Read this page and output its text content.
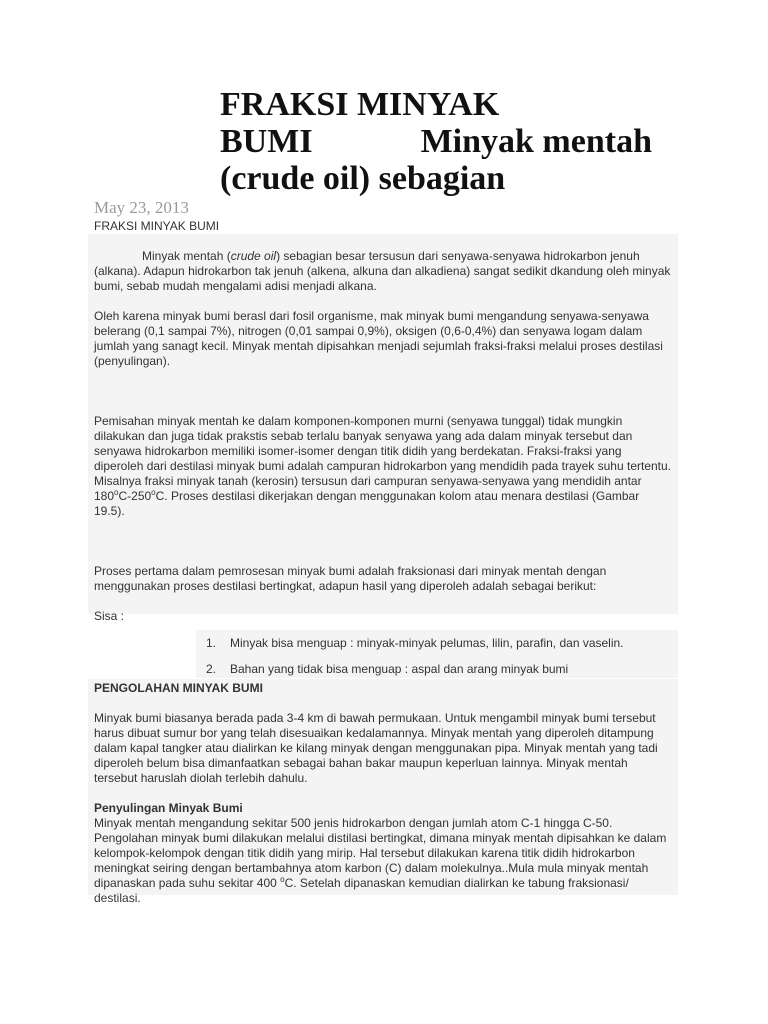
FRAKSI MINYAK
BUMI	Minyak mentah
(crude oil) sebagian
May 23, 2013
FRAKSI MINYAK BUMI

Minyak mentah (crude oil) sebagian besar tersusun dari senyawa-senyawa hidrokarbon jenuh (alkana). Adapun hidrokarbon tak jenuh (alkena, alkuna dan alkadiena) sangat sedikit dkandung oleh minyak bumi, sebab mudah mengalami adisi menjadi alkana.

Oleh karena minyak bumi berasl dari fosil organisme, mak minyak bumi mengandung senyawa-senyawa belerang (0,1 sampai 7%), nitrogen (0,01 sampai 0,9%), oksigen (0,6-0,4%) dan senyawa logam dalam jumlah yang sanagt kecil. Minyak mentah dipisahkan menjadi sejumlah fraksi-fraksi melalui proses destilasi (penyulingan).

Pemisahan minyak mentah ke dalam komponen-komponen murni (senyawa tunggal) tidak mungkin dilakukan dan juga tidak prakstis sebab terlalu banyak senyawa yang ada dalam minyak tersebut dan senyawa hidrokarbon memiliki isomer-isomer dengan titik didih yang berdekatan. Fraksi-fraksi yang diperoleh dari destilasi minyak bumi adalah campuran hidrokarbon yang mendidih pada trayek suhu tertentu. Misalnya fraksi minyak tanah (kerosin) tersusun dari campuran senyawa-senyawa yang mendidih antar 180$^o$C-250$^o$C. Proses destilasi dikerjakan dengan menggunakan kolom atau menara destilasi (Gambar 19.5).

Proses pertama dalam pemrosesan minyak bumi adalah fraksionasi dari minyak mentah dengan menggunakan proses destilasi bertingkat, adapun hasil yang diperoleh adalah sebagai berikut:

Sisa :

1.	Minyak bisa menguap : minyak-minyak pelumas, lilin, parafin, dan vaselin.
2.	Bahan yang tidak bisa menguap : aspal dan arang minyak bumi

PENGOLAHAN MINYAK BUMI

Minyak bumi biasanya berada pada 3-4 km di bawah permukaan. Untuk mengambil minyak bumi tersebut harus dibuat sumur bor yang telah disesuaikan kedalamannya. Minyak mentah yang diperoleh ditampung dalam kapal tangker atau dialirkan ke kilang minyak dengan menggunakan pipa. Minyak mentah yang tadi diperoleh belum bisa dimanfaatkan sebagai bahan bakar maupun keperluan lainnya. Minyak mentah tersebut haruslah diolah terlebih dahulu.

Penyulingan Minyak Bumi

Minyak mentah mengandung sekitar 500 jenis hidrokarbon dengan jumlah atom C-1 hingga C-50. Pengolahan minyak bumi dilakukan melalui distilasi bertingkat, dimana minyak mentah dipisahkan ke dalam kelompok-kelompok dengan titik didih yang mirip. Hal tersebut dilakukan karena titik didih hidrokarbon meningkat seiring dengan bertambahnya atom karbon (C) dalam molekulnya..Mula mula minyak mentah dipanaskan pada suhu sekitar 400 $^o$C. Setelah dipanaskan kemudian dialirkan ke tabung fraksionasi/ destilasi.
